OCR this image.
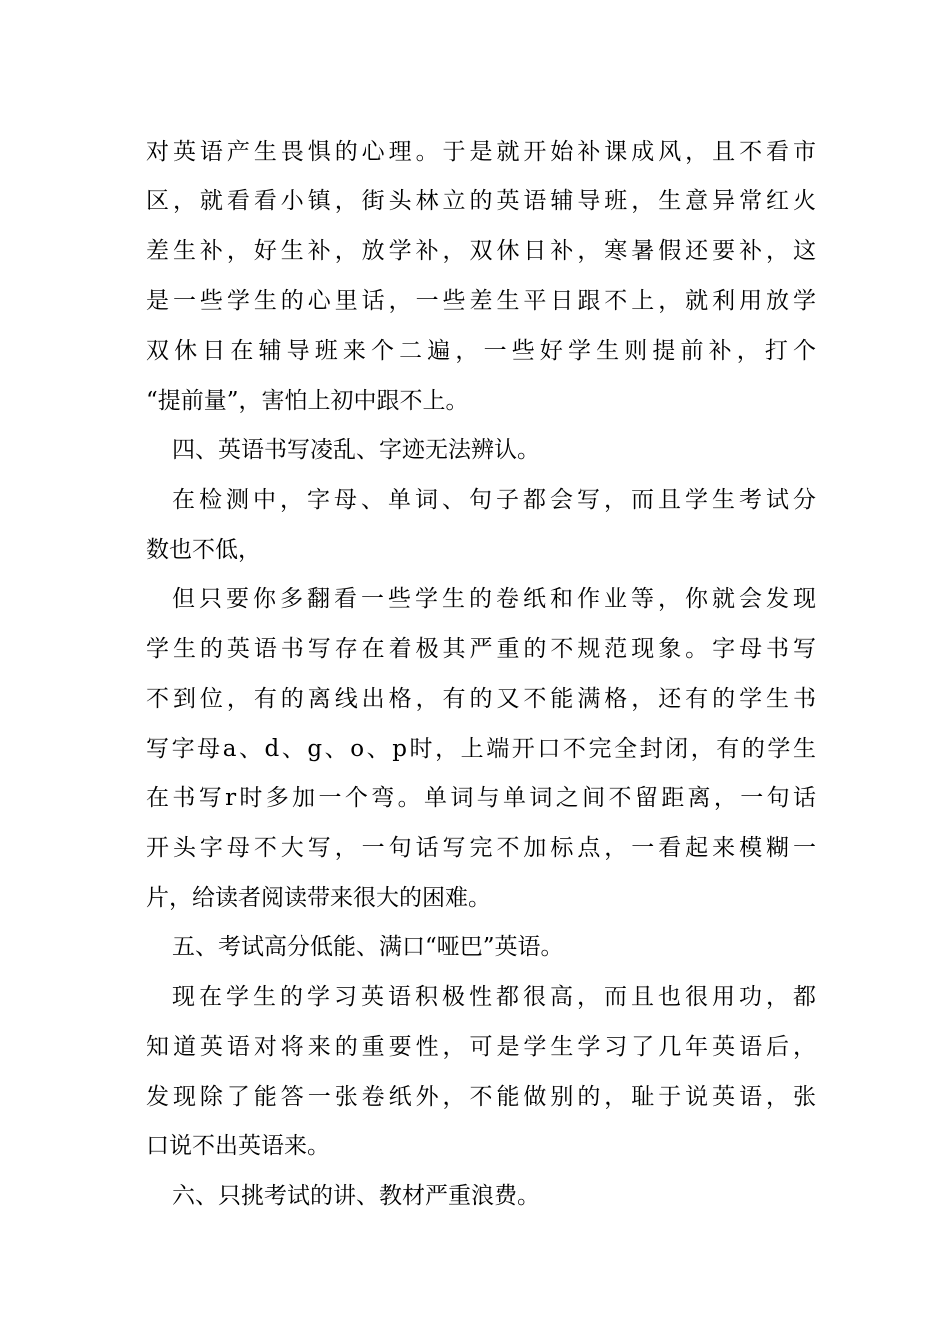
对英语产生畏惧的心理。于是就开始补课成风，且不看市
区，就看看小镇，街头林立的英语辅导班，生意异常红火
差生补，好生补，放学补，双休日补，寒暑假还要补，这
是一些学生的心里话，一些差生平日跟不上，就利用放学
双休日在辅导班来个二遍，一些好学生则提前补，打个
“提前量”，害怕上初中跟不上。
四、英语书写凌乱、字迹无法辨认。
在检测中，字母、单词、句子都会写，而且学生考试分
数也不低，
但只要你多翻看一些学生的卷纸和作业等，你就会发现
学生的英语书写存在着极其严重的不规范现象。字母书写
不到位，有的离线出格，有的又不能满格，还有的学生书
写字母a、d、g、o、p时，上端开口不完全封闭，有的学生
在书写r时多加一个弯。单词与单词之间不留距离，一句话
开头字母不大写，一句话写完不加标点，一看起来模糊一
片，给读者阅读带来很大的困难。
五、考试高分低能、满口“哑巴”英语。
现在学生的学习英语积极性都很高，而且也很用功，都
知道英语对将来的重要性，可是学生学习了几年英语后，
发现除了能答一张卷纸外，不能做别的，耻于说英语，张
口说不出英语来。
六、只挑考试的讲、教材严重浪费。
